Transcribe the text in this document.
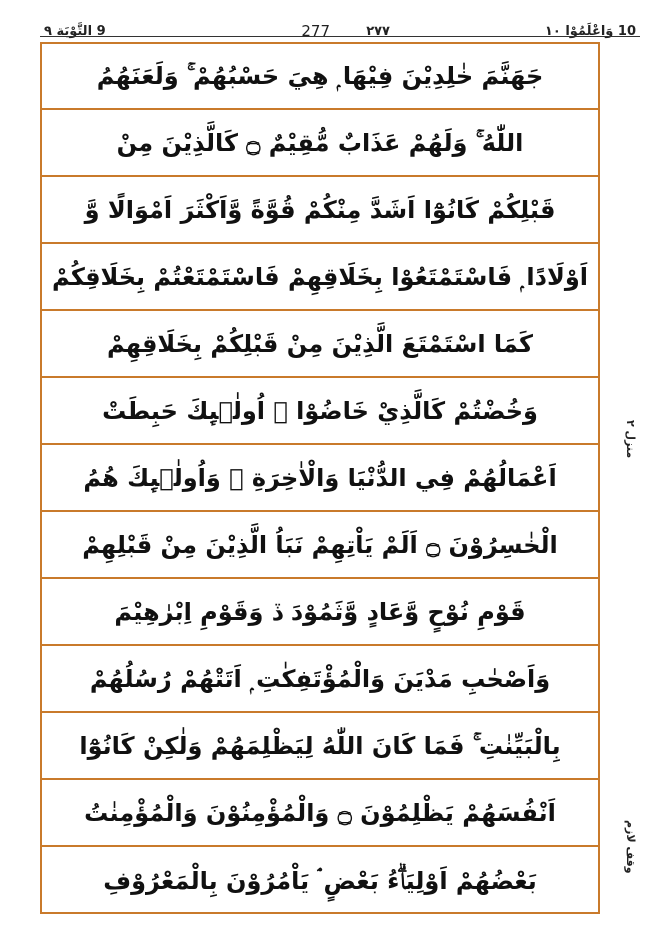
10 وَاعْلَمُوْا ١٠
٢٧٧
277
9 التَّوْبَة ٩
جَهَنَّمَ خٰلِدِيْنَ فِيْهَا ۭ هِيَ حَسْبُهُمْ ۚ وَلَعَنَهُمُ
اللّٰهُ ۚ وَلَهُمْ عَذَابٌ مُّقِيْمٌ ۝ كَالَّذِيْنَ مِنْ
قَبْلِكُمْ كَانُوْٓا اَشَدَّ مِنْكُمْ قُوَّةً وَّاَكْثَرَ اَمْوَالًا وَّ
اَوْلَادًا ۭ فَاسْتَمْتَعُوْا بِخَلَاقِهِمْ فَاسْتَمْتَعْتُمْ بِخَلَاقِكُمْ
كَمَا اسْتَمْتَعَ الَّذِيْنَ مِنْ قَبْلِكُمْ بِخَلَاقِهِمْ
وَخُضْتُمْ كَالَّذِيْ خَاضُوْا ۭ اُولٰۗىِٕكَ حَبِطَتْ
اَعْمَالُهُمْ فِي الدُّنْيَا وَالْاٰخِرَةِ ۚ وَاُولٰۗىِٕكَ هُمُ
الْخٰسِرُوْنَ ۝ اَلَمْ يَاْتِهِمْ نَبَاُ الَّذِيْنَ مِنْ قَبْلِهِمْ
قَوْمِ نُوْحٍ وَّعَادٍ وَّثَمُوْدَ ڏ وَقَوْمِ اِبْرٰهِيْمَ
وَاَصْحٰبِ مَدْيَنَ وَالْمُؤْتَفِكٰتِ ۭ اَتَتْهُمْ رُسُلُهُمْ
بِالْبَيِّنٰتِ ۚ فَمَا كَانَ اللّٰهُ لِيَظْلِمَهُمْ وَلٰكِنْ كَانُوْٓا
اَنْفُسَهُمْ يَظْلِمُوْنَ ۝ وَالْمُؤْمِنُوْنَ وَالْمُؤْمِنٰتُ
بَعْضُهُمْ اَوْلِيَاۗءُ بَعْضٍ ۘ يَاْمُرُوْنَ بِالْمَعْرُوْفِ
منزل ٢
وقف لازم
